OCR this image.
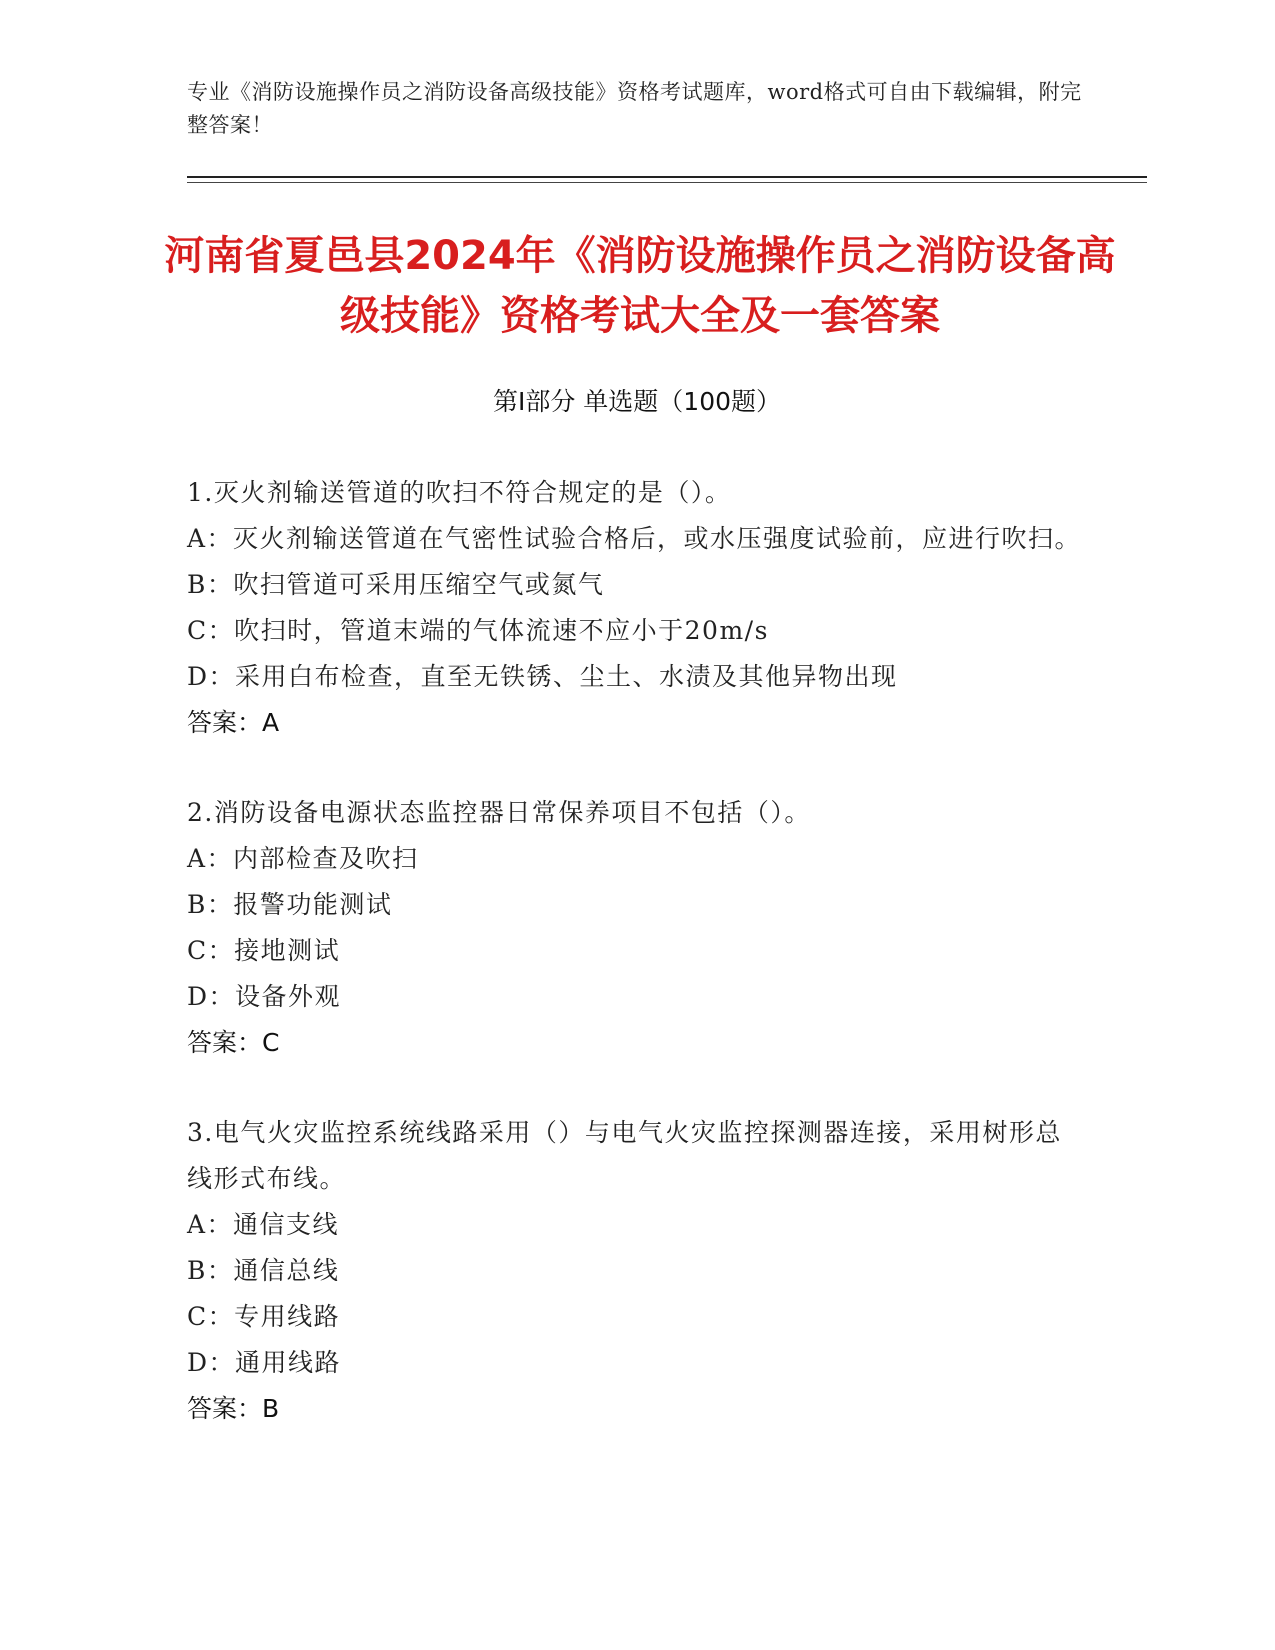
专业《消防设施操作员之消防设备高级技能》资格考试题库，word格式可自由下载编辑，附完整答案！
河南省夏邑县2024年《消防设施操作员之消防设备高级技能》资格考试大全及一套答案
第Ⅰ部分 单选题（100题）
1.灭火剂输送管道的吹扫不符合规定的是（）。
A：灭火剂输送管道在气密性试验合格后，或水压强度试验前，应进行吹扫。
B：吹扫管道可采用压缩空气或氮气
C：吹扫时，管道末端的气体流速不应小于20m/s
D：采用白布检查，直至无铁锈、尘土、水渍及其他异物出现
答案：A
2.消防设备电源状态监控器日常保养项目不包括（）。
A：内部检查及吹扫
B：报警功能测试
C：接地测试
D：设备外观
答案：C
3.电气火灾监控系统线路采用（）与电气火灾监控探测器连接，采用树形总线形式布线。
A：通信支线
B：通信总线
C：专用线路
D：通用线路
答案：B
